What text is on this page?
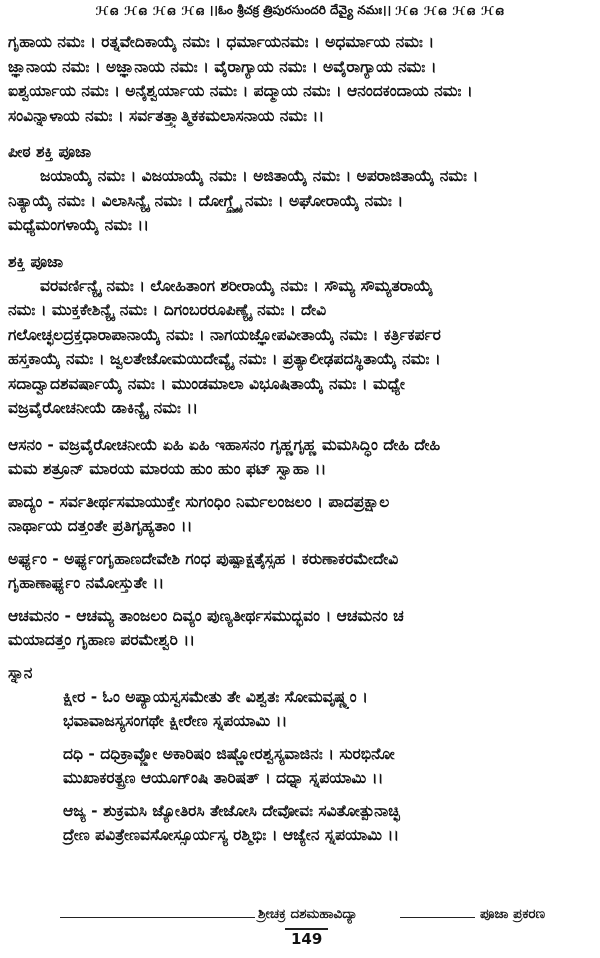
ℋഒ ℋഒ ℋഒ ℋഒ ।।ఓం శ్రీచక్ర త్రిపురసుందరి దేవ్యై నమః।। ℋഒ ℋഒ ℋഒ ℋഒ
ಗೃಹಾಯ ನಮಃ । ರತ್ನವೇದಿಕಾಯೈ ನಮಃ । ಧರ್ಮಾಯನಮಃ । ಅಧರ್ಮಾಯ ನಮಃ ।
ಜ್ಞಾನಾಯ ನಮಃ । ಅಜ್ಞಾನಾಯ ನಮಃ । ವೈರಾಗ್ಯಾಯ ನಮಃ । ಅವೈರಾಗ್ಯಾಯ ನಮಃ ।
ಐಶ್ವರ್ಯಾಯ ನಮಃ । ಅನೈಶ್ವರ್ಯಾಯ ನಮಃ । ಪದ್ಮಾಯ ನಮಃ । ಆನಂದಕಂದಾಯ ನಮಃ ।
ಸಂವಿನ್ನಾಳಾಯ ನಮಃ । ಸರ್ವತತ್ತ್ವಾತ್ಮಿಕಕಮಲಾಸನಾಯ ನಮಃ ।।
ಪೀಠ ಶಕ್ತಿ ಪೂಜಾ
ಜಯಾಯೈ ನಮಃ । ವಿಜಯಾಯೈ ನಮಃ । ಅಜಿತಾಯೈ ನಮಃ । ಅಪರಾಜಿತಾಯೈ ನಮಃ ।
ನಿತ್ಯಾಯೈ ನಮಃ । ವಿಲಾಸಿನ್ಯೈ ನಮಃ । ದೋಗ್ಧ್ರ್ಯೈ ನಮಃ । ಅಘೋರಾಯೈ ನಮಃ ।
ಮಧ್ಯೆಮಂಗಳಾಯೈ ನಮಃ ।।
ಶಕ್ತಿ ಪೂಜಾ
ವರವರ್ಣಿನ್ಯೈ ನಮಃ । ಲೋಹಿತಾಂಗ ಶರೀರಾಯೈ ನಮಃ । ಸೌಮ್ಯ ಸೌಮ್ಯತರಾಯೈ
ನಮಃ । ಮುಕ್ತಕೇಶಿನ್ಯೈ ನಮಃ । ದಿಗಂಬರರೂಪಿಣ್ಯೈ ನಮಃ । ದೇವಿ
ಗಲೋಚ್ಛಲದ್ರಕ್ತಧಾರಾಪಾನಾಯೈ ನಮಃ । ನಾಗಯಜ್ಞೋಪವೀತಾಯೈ ನಮಃ । ಕರ್ತ್ರಿಕರ್ಪರ
ಹಸ್ತಕಾಯೈ ನಮಃ । ಜ್ವಲತೇಜೋಮಯಿದೇವ್ಯೈ ನಮಃ । ಪ್ರತ್ಯಾಲೀಢಪದಸ್ಥಿತಾಯೈ ನಮಃ ।
ಸದಾದ್ವಾದಶವರ್ಷಾಯೈ ನಮಃ । ಮುಂಡಮಾಲಾ ವಿಭೂಷಿತಾಯೈ ನಮಃ । ಮಧ್ಯೇ
ವಜ್ರವೈರೋಚನೀಯೆ ಡಾಕಿನ್ಯೈ ನಮಃ ।।
ಆಸನಂ - ವಜ್ರವೈರೋಚನೀಯೆ ಏಹಿ ಏಹಿ ಇಹಾಸನಂ ಗೃಹ್ಣಗೃಹ್ಣ ಮಮಸಿದ್ಧಿಂ ದೇಹಿ ದೇಹಿ
ಮಮ ಶತ್ರೂನ್ ಮಾರಯ ಮಾರಯ ಹುಂ ಹುಂ ಫಟ್ ಸ್ವಾಹಾ ।।
ಪಾದ್ಯಂ - ಸರ್ವತೀರ್ಥಸಮಾಯುಕ್ತೇ ಸುಗಂಧಿಂ ನಿರ್ಮಲಂಜಲಂ । ಪಾದಪ್ರಕ್ಷಾಲ
ನಾರ್ಥಾಯ ದತ್ತಂತೇ ಪ್ರತಿಗೃಹ್ಯತಾಂ ।।
ಅರ್ಘ್ಯಂ - ಅರ್ಘ್ಯಂಗೃಹಾಣದೇವೇಶಿ ಗಂಧ ಪುಷ್ಪಾಕ್ಷತೈಸ್ಸಹ । ಕರುಣಾಕರಮೇದೇವಿ
ಗೃಹಾಣಾರ್ಘ್ಯಂ ನಮೋಸ್ತುತೇ ।।
ಆಚಮನಂ - ಆಚಮ್ಯ ತಾಂಜಲಂ ದಿವ್ಯಂ ಪುಣ್ಯತೀರ್ಥಸಮುದ್ಭವಂ । ಆಚಮನಂ ಚ
ಮಯಾದತ್ತಂ ಗೃಹಾಣ ಪರಮೇಶ್ವರಿ ।।
ಸ್ನಾನ
ಕ್ಷೀರ - ಓಂ ಅಪ್ಯಾಯಸ್ವಸಮೇತು ತೇ ವಿಶ್ವತಃ ಸೋಮವೃಷ್ಣ್ಯಂ ।
ಭವಾವಾಜಸ್ಯಸಂಗಥೇ ಕ್ಷೀರೇಣ ಸ್ನಪಯಾಮಿ ।।
ದಧಿ - ದಧಿಕ್ರಾವ್ಣೋ ಅಕಾರಿಷಂ ಜಿಷ್ಣೋರಶ್ವಸ್ಯವಾಜಿನಃ । ಸುರಭಿನೋ
ಮುಖಾಕರತ್ಪ್ರಣ ಆಯೂಗ್ಂಷಿ ತಾರಿಷತ್ । ದಧ್ನಾ ಸ್ನಪಯಾಮಿ ।।
ಆಜ್ಯ - ಶುಕ್ರಮಸಿ ಜ್ಯೋತಿರಸಿ ತೇಜೋಸಿ ದೇವೋವಃ ಸವಿತೋತ್ಪುನಾಚ್ಛಿ
ದ್ರೇಣ ಪವಿತ್ರೇಣವಸೋಸ್ಸೂರ್ಯಸ್ಯ ರಶ್ಮಿಭಿಃ । ಆಜ್ಯೇನ ಸ್ನಪಯಾಮಿ ।।
ಶ್ರೀಚಕ್ರ ದಶಮಹಾವಿದ್ಯಾ	ಪೂಜಾ ಪ್ರಕರಣ
149
